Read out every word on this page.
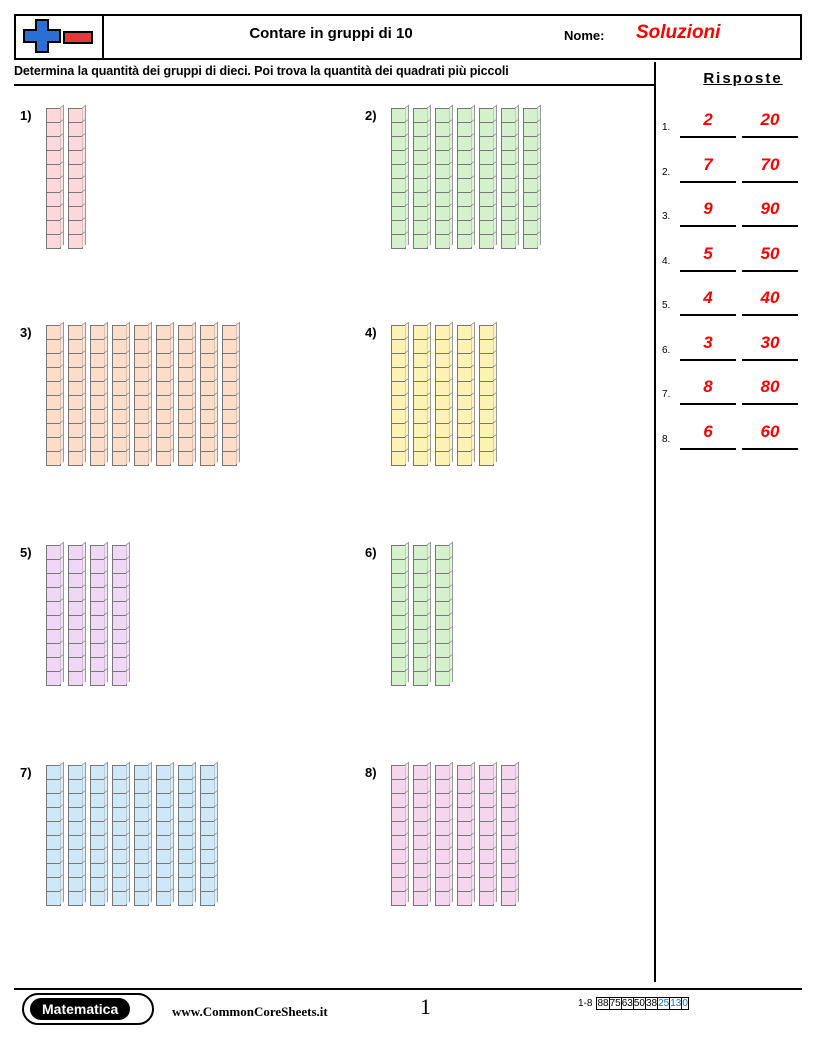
Contare in gruppi di 10	Nome: Soluzioni
Determina la quantità dei gruppi di dieci. Poi trova la quantità dei quadrati più piccoli	Risposte
1.	2	20
2.	7	70
3.	9	90
4.	5	50
5.	4	40
6.	3	30
7.	8	80
8.	6	60
1)	2)
3)	4)
5)	6)
7)	8)
Matematica	www.CommonCoreSheets.it	1	1-8 887563503825130
